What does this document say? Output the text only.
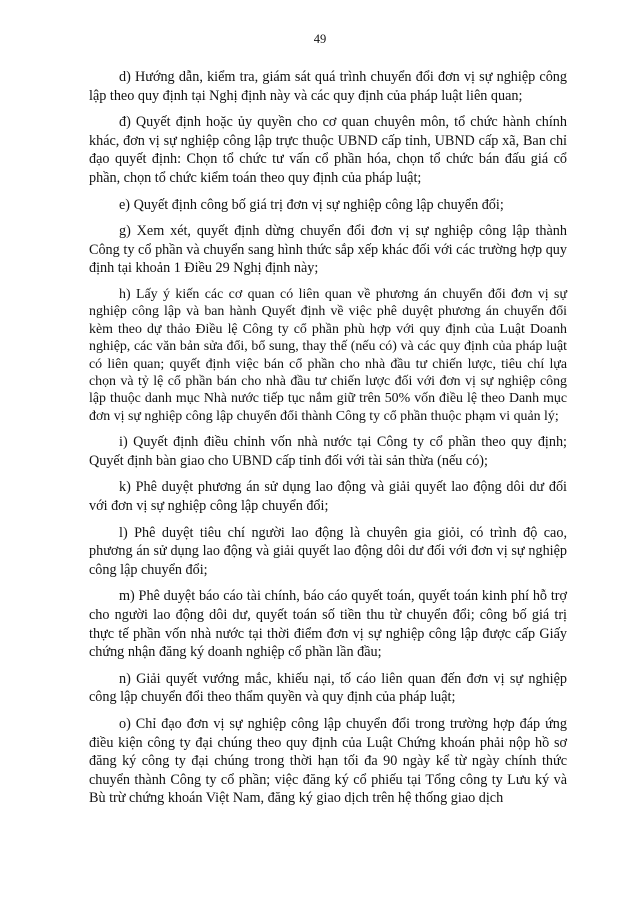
49

d) Hướng dẫn, kiểm tra, giám sát quá trình chuyển đổi đơn vị sự nghiệp công lập theo quy định tại Nghị định này và các quy định của pháp luật liên quan;

đ) Quyết định hoặc ủy quyền cho cơ quan chuyên môn, tổ chức hành chính khác, đơn vị sự nghiệp công lập trực thuộc UBND cấp tỉnh, UBND cấp xã, Ban chỉ đạo quyết định: Chọn tổ chức tư vấn cổ phần hóa, chọn tổ chức bán đấu giá cổ phần, chọn tổ chức kiểm toán theo quy định của pháp luật;

e) Quyết định công bố giá trị đơn vị sự nghiệp công lập chuyển đổi;

g) Xem xét, quyết định dừng chuyển đổi đơn vị sự nghiệp công lập thành Công ty cổ phần và chuyển sang hình thức sắp xếp khác đối với các trường hợp quy định tại khoản 1 Điều 29 Nghị định này;

h) Lấy ý kiến các cơ quan có liên quan về phương án chuyển đổi đơn vị sự nghiệp công lập và ban hành Quyết định về việc phê duyệt phương án chuyển đổi kèm theo dự thảo Điều lệ Công ty cổ phần phù hợp với quy định của Luật Doanh nghiệp, các văn bản sửa đổi, bổ sung, thay thế (nếu có) và các quy định của pháp luật có liên quan; quyết định việc bán cổ phần cho nhà đầu tư chiến lược, tiêu chí lựa chọn và tỷ lệ cổ phần bán cho nhà đầu tư chiến lược đối với đơn vị sự nghiệp công lập thuộc danh mục Nhà nước tiếp tục nắm giữ trên 50% vốn điều lệ theo Danh mục đơn vị sự nghiệp công lập chuyển đổi thành Công ty cổ phần thuộc phạm vi quản lý;

i) Quyết định điều chỉnh vốn nhà nước tại Công ty cổ phần theo quy định; Quyết định bàn giao cho UBND cấp tỉnh đối với tài sản thừa (nếu có);

k) Phê duyệt phương án sử dụng lao động và giải quyết lao động dôi dư đối với đơn vị sự nghiệp công lập chuyển đổi;

l) Phê duyệt tiêu chí người lao động là chuyên gia giỏi, có trình độ cao, phương án sử dụng lao động và giải quyết lao động dôi dư đối với đơn vị sự nghiệp công lập chuyển đổi;

m) Phê duyệt báo cáo tài chính, báo cáo quyết toán, quyết toán kinh phí hỗ trợ cho người lao động dôi dư, quyết toán số tiền thu từ chuyển đổi; công bố giá trị thực tế phần vốn nhà nước tại thời điểm đơn vị sự nghiệp công lập được cấp Giấy chứng nhận đăng ký doanh nghiệp cổ phần lần đầu;

n) Giải quyết vướng mắc, khiếu nại, tố cáo liên quan đến đơn vị sự nghiệp công lập chuyển đổi theo thẩm quyền và quy định của pháp luật;

o) Chỉ đạo đơn vị sự nghiệp công lập chuyển đổi trong trường hợp đáp ứng điều kiện công ty đại chúng theo quy định của Luật Chứng khoán phải nộp hồ sơ đăng ký công ty đại chúng trong thời hạn tối đa 90 ngày kể từ ngày chính thức chuyển thành Công ty cổ phần; việc đăng ký cổ phiếu tại Tổng công ty Lưu ký và Bù trừ chứng khoán Việt Nam, đăng ký giao dịch trên hệ thống giao dịch
